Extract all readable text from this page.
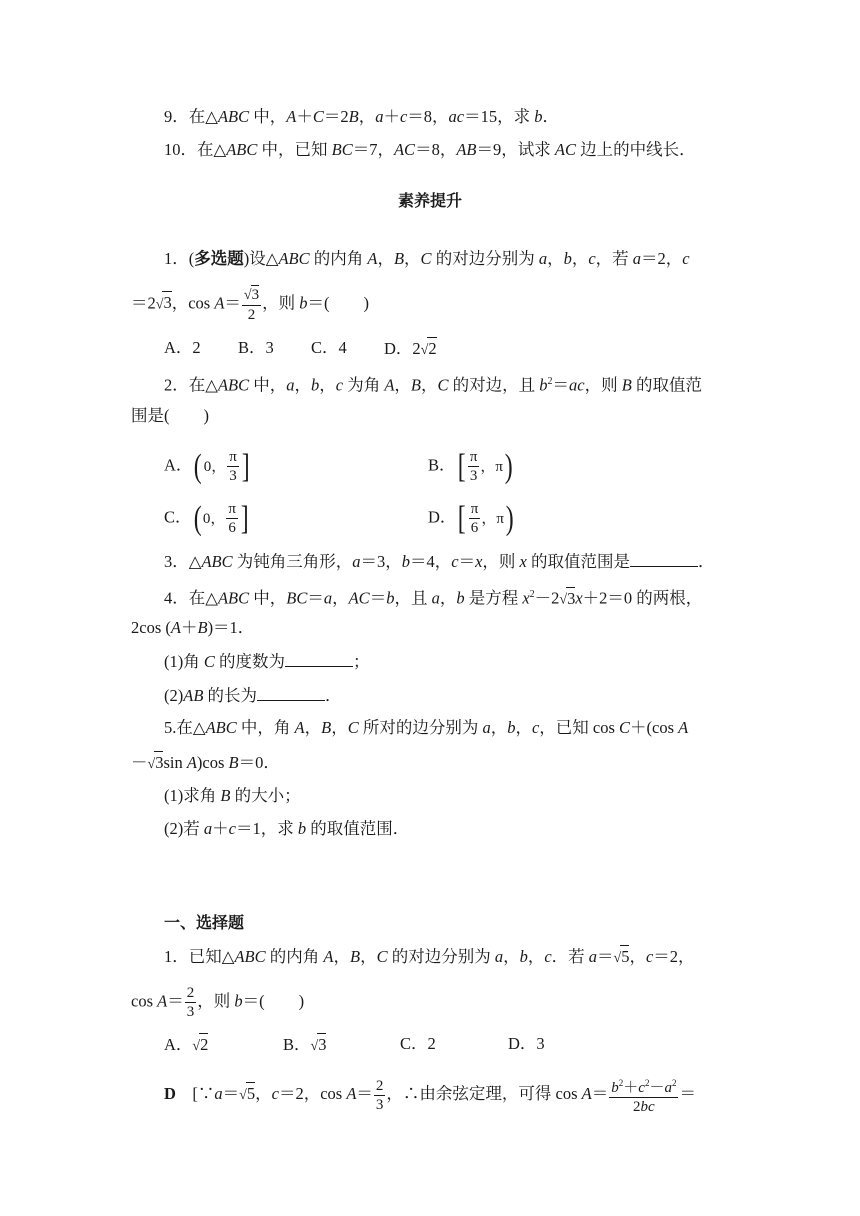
9．在△ABC 中，A＋C＝2B，a＋c＝8，ac＝15，求 b．
10．在△ABC 中，已知 BC＝7，AC＝8，AB＝9，试求 AC 边上的中线长．
素养提升
1．(多选题)设△ABC 的内角 A，B，C 的对边分别为 a，b，c，若 a＝2，c
＝2√3，$\cos A= \frac{√3}{2}$ ，则 b＝( )
A．2 B．3 C．4 D．2√2
2．在△ABC 中，a，b，c 为角 A，B，C 的对边，且 $b^2=ac$，则 B 的取值范
围是( )
A． ( 0， $\frac{\pi}{3}$ ]	B． [ $\frac{\pi}{3}$ ，π )
C． ( 0， $\frac{\pi}{6}$ ]	D． [ $\frac{\pi}{6}$ ，π )
3．△ABC 为钝角三角形，a＝3，b＝4，c＝x，则 x 的取值范围是	．
4．在△ABC 中，BC＝a，AC＝b，且 a，b 是方程 $x^2-2√3x+2=0$ 的两根，
2cos (A＋B)＝1．
(1)角 C 的度数为	；
(2)AB 的长为	．
5.在△ABC 中，角 A，B，C 所对的边分别为 a，b，c，已知 cos C＋(cos A
－√3sin A)cos B＝0．
(1)求角 B 的大小；
(2)若 a＋c＝1，求 b 的取值范围．
一、选择题
1．已知△ABC 的内角 A，B，C 的对边分别为 a，b，c．若 a＝√5，c＝2，
$\cos A= \frac{2}{3}$ ，则 b＝( )
A．√2	B．√3	C．2	D．3
D　[∵a＝√5，c＝2，$\cos A= \frac{2}{3}$ ，∴由余弦定理，可得 $\cos A= \frac{b^2+c^2-a^2}{2bc}$ ＝
